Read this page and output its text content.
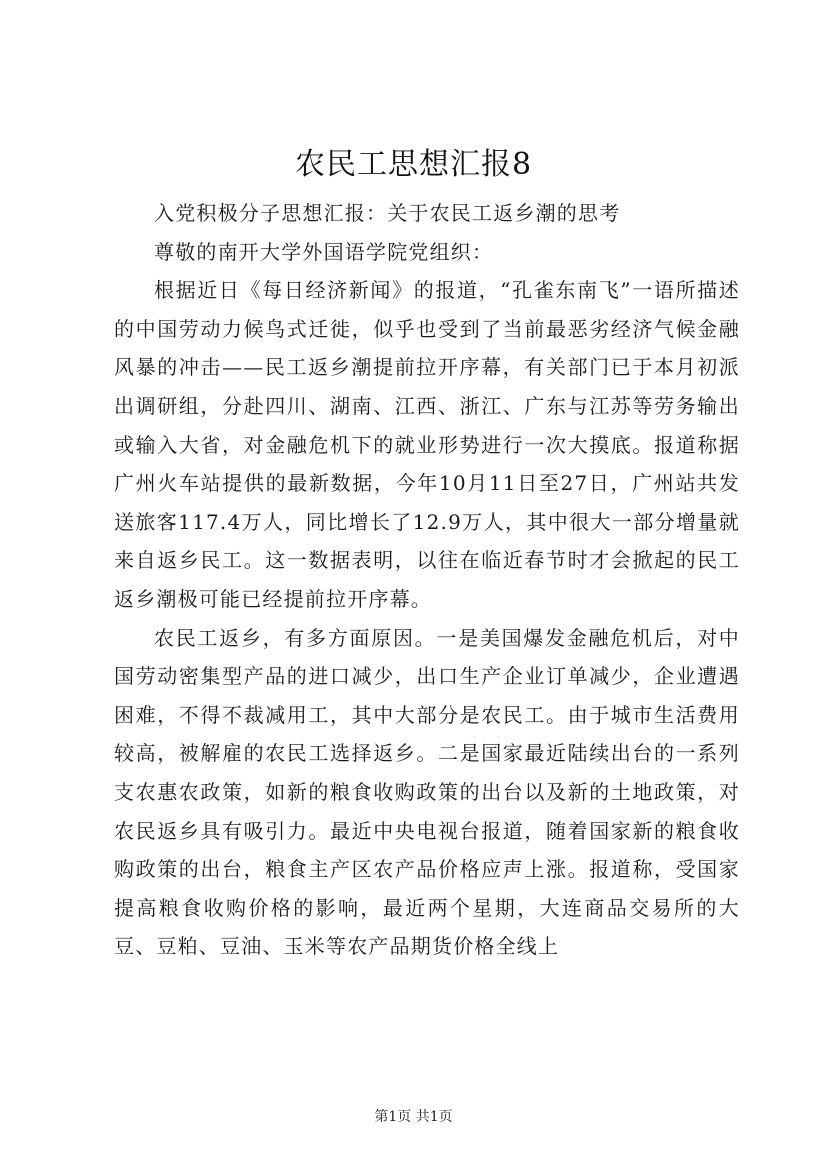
农民工思想汇报8

入党积极分子思想汇报：关于农民工返乡潮的思考

尊敬的南开大学外国语学院党组织：

根据近日《每日经济新闻》的报道，“孔雀东南飞”一语所描述的中国劳动力候鸟式迁徙，似乎也受到了当前最恶劣经济气候金融风暴的冲击——民工返乡潮提前拉开序幕，有关部门已于本月初派出调研组，分赴四川、湖南、江西、浙江、广东与江苏等劳务输出或输入大省，对金融危机下的就业形势进行一次大摸底。报道称据广州火车站提供的最新数据，今年10月11日至27日，广州站共发送旅客117.4万人，同比增长了12.9万人，其中很大一部分增量就来自返乡民工。这一数据表明，以往在临近春节时才会掀起的民工返乡潮极可能已经提前拉开序幕。

农民工返乡，有多方面原因。一是美国爆发金融危机后，对中国劳动密集型产品的进口减少，出口生产企业订单减少，企业遭遇困难，不得不裁减用工，其中大部分是农民工。由于城市生活费用较高，被解雇的农民工选择返乡。二是国家最近陆续出台的一系列支农惠农政策，如新的粮食收购政策的出台以及新的土地政策，对农民返乡具有吸引力。最近中央电视台报道，随着国家新的粮食收购政策的出台，粮食主产区农产品价格应声上涨。报道称，受国家提高粮食收购价格的影响，最近两个星期，大连商品交易所的大豆、豆粕、豆油、玉米等农产品期货价格全线上

第1页 共1页
